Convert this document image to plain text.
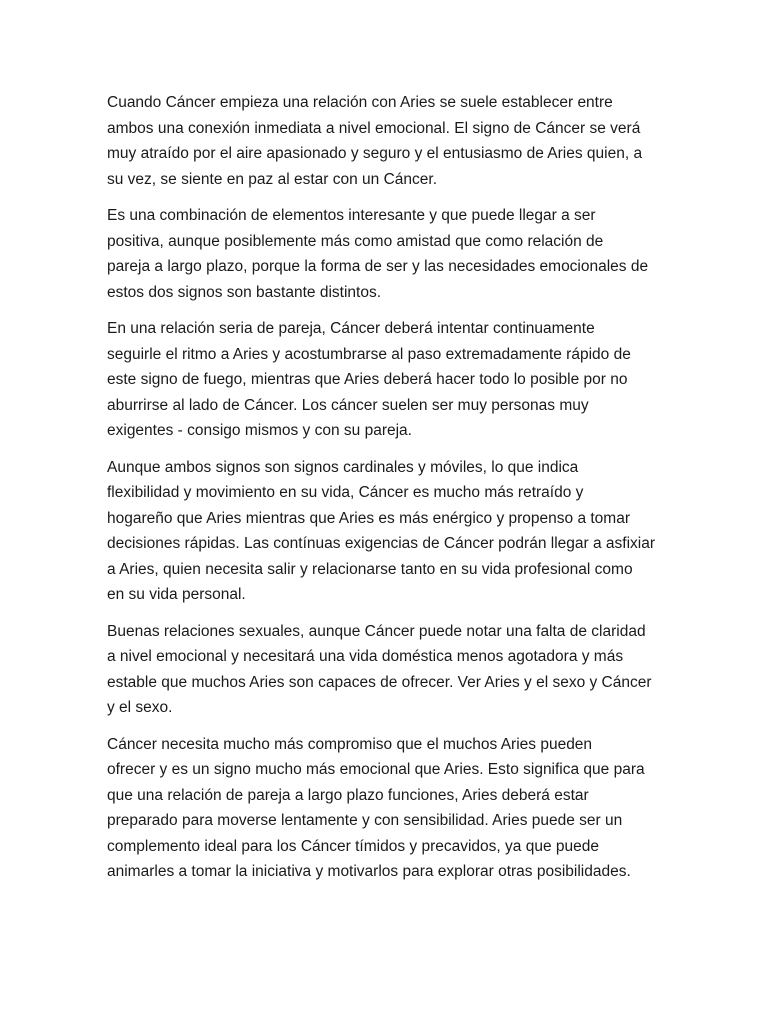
Cuando Cáncer empieza una relación con Aries se suele establecer entre
ambos una conexión inmediata a nivel emocional. El signo de Cáncer se verá
muy atraído por el aire apasionado y seguro y el entusiasmo de Aries quien, a
su vez, se siente en paz al estar con un Cáncer.

Es una combinación de elementos interesante y que puede llegar a ser
positiva, aunque posiblemente más como amistad que como relación de
pareja a largo plazo, porque la forma de ser y las necesidades emocionales de
estos dos signos son bastante distintos.

En una relación seria de pareja, Cáncer deberá intentar continuamente
seguirle el ritmo a Aries y acostumbrarse al paso extremadamente rápido de
este signo de fuego, mientras que Aries deberá hacer todo lo posible por no
aburrirse al lado de Cáncer. Los cáncer suelen ser muy personas muy
exigentes - consigo mismos y con su pareja.

Aunque ambos signos son signos cardinales y móviles, lo que indica
flexibilidad y movimiento en su vida, Cáncer es mucho más retraído y
hogareño que Aries mientras que Aries es más enérgico y propenso a tomar
decisiones rápidas. Las contínuas exigencias de Cáncer podrán llegar a asfixiar
a Aries, quien necesita salir y relacionarse tanto en su vida profesional como
en su vida personal.

Buenas relaciones sexuales, aunque Cáncer puede notar una falta de claridad
a nivel emocional y necesitará una vida doméstica menos agotadora y más
estable que muchos Aries son capaces de ofrecer. Ver Aries y el sexo y Cáncer
y el sexo.

Cáncer necesita mucho más compromiso que el muchos Aries pueden
ofrecer y es un signo mucho más emocional que Aries. Esto significa que para
que una relación de pareja a largo plazo funciones, Aries deberá estar
preparado para moverse lentamente y con sensibilidad. Aries puede ser un
complemento ideal para los Cáncer tímidos y precavidos, ya que puede
animarles a tomar la iniciativa y motivarlos para explorar otras posibilidades.
